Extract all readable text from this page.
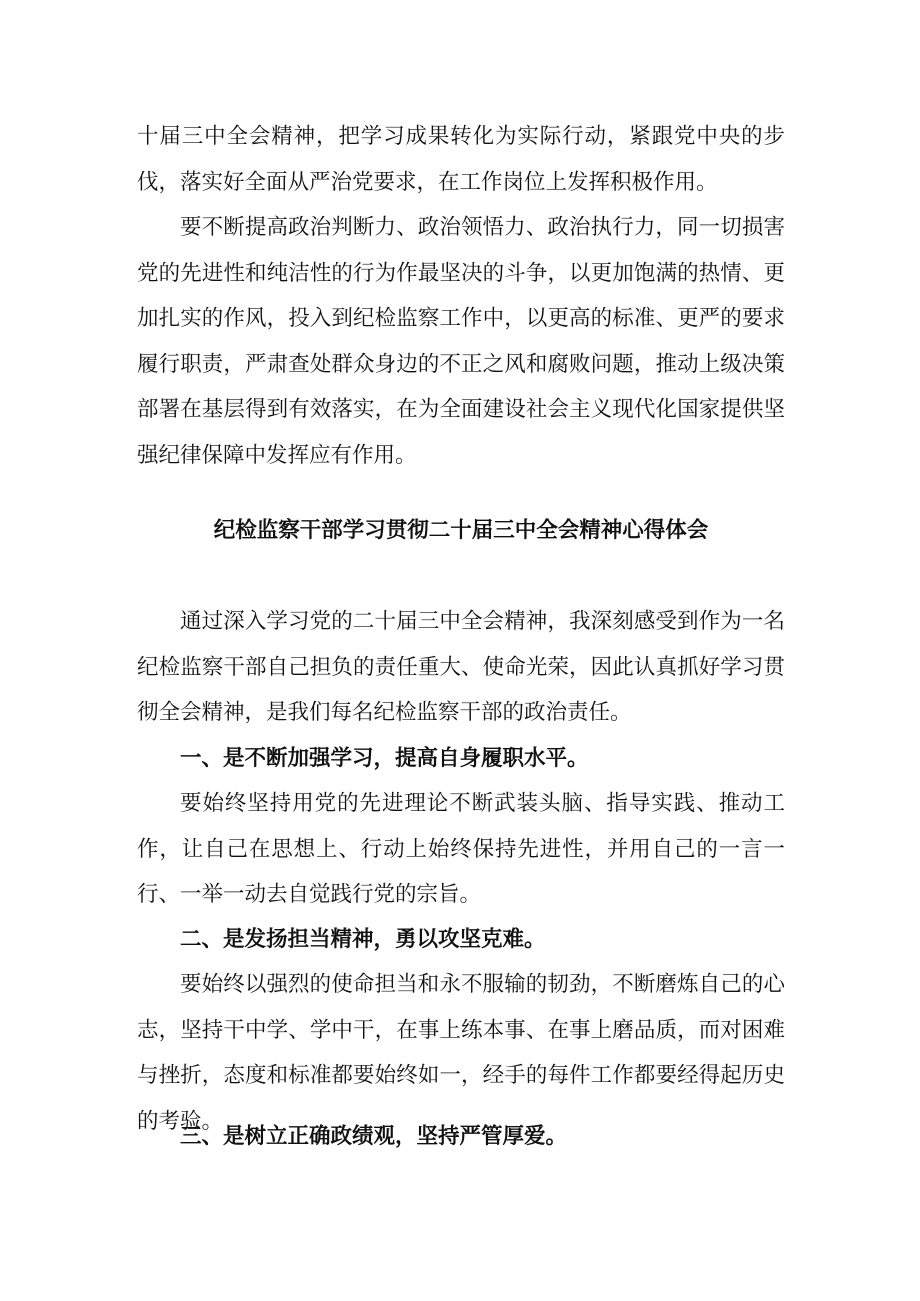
十届三中全会精神，把学习成果转化为实际行动，紧跟党中央的步伐，落实好全面从严治党要求，在工作岗位上发挥积极作用。

要不断提高政治判断力、政治领悟力、政治执行力，同一切损害党的先进性和纯洁性的行为作最坚决的斗争，以更加饱满的热情、更加扎实的作风，投入到纪检监察工作中，以更高的标准、更严的要求履行职责，严肃查处群众身边的不正之风和腐败问题，推动上级决策部署在基层得到有效落实，在为全面建设社会主义现代化国家提供坚强纪律保障中发挥应有作用。

纪检监察干部学习贯彻二十届三中全会精神心得体会

通过深入学习党的二十届三中全会精神，我深刻感受到作为一名纪检监察干部自己担负的责任重大、使命光荣，因此认真抓好学习贯彻全会精神，是我们每名纪检监察干部的政治责任。

一、是不断加强学习，提高自身履职水平。

要始终坚持用党的先进理论不断武装头脑、指导实践、推动工作，让自己在思想上、行动上始终保持先进性，并用自己的一言一行、一举一动去自觉践行党的宗旨。

二、是发扬担当精神，勇以攻坚克难。

要始终以强烈的使命担当和永不服输的韧劲，不断磨炼自己的心志，坚持干中学、学中干，在事上练本事、在事上磨品质，而对困难与挫折，态度和标准都要始终如一，经手的每件工作都要经得起历史的考验。

三、是树立正确政绩观，坚持严管厚爱。
